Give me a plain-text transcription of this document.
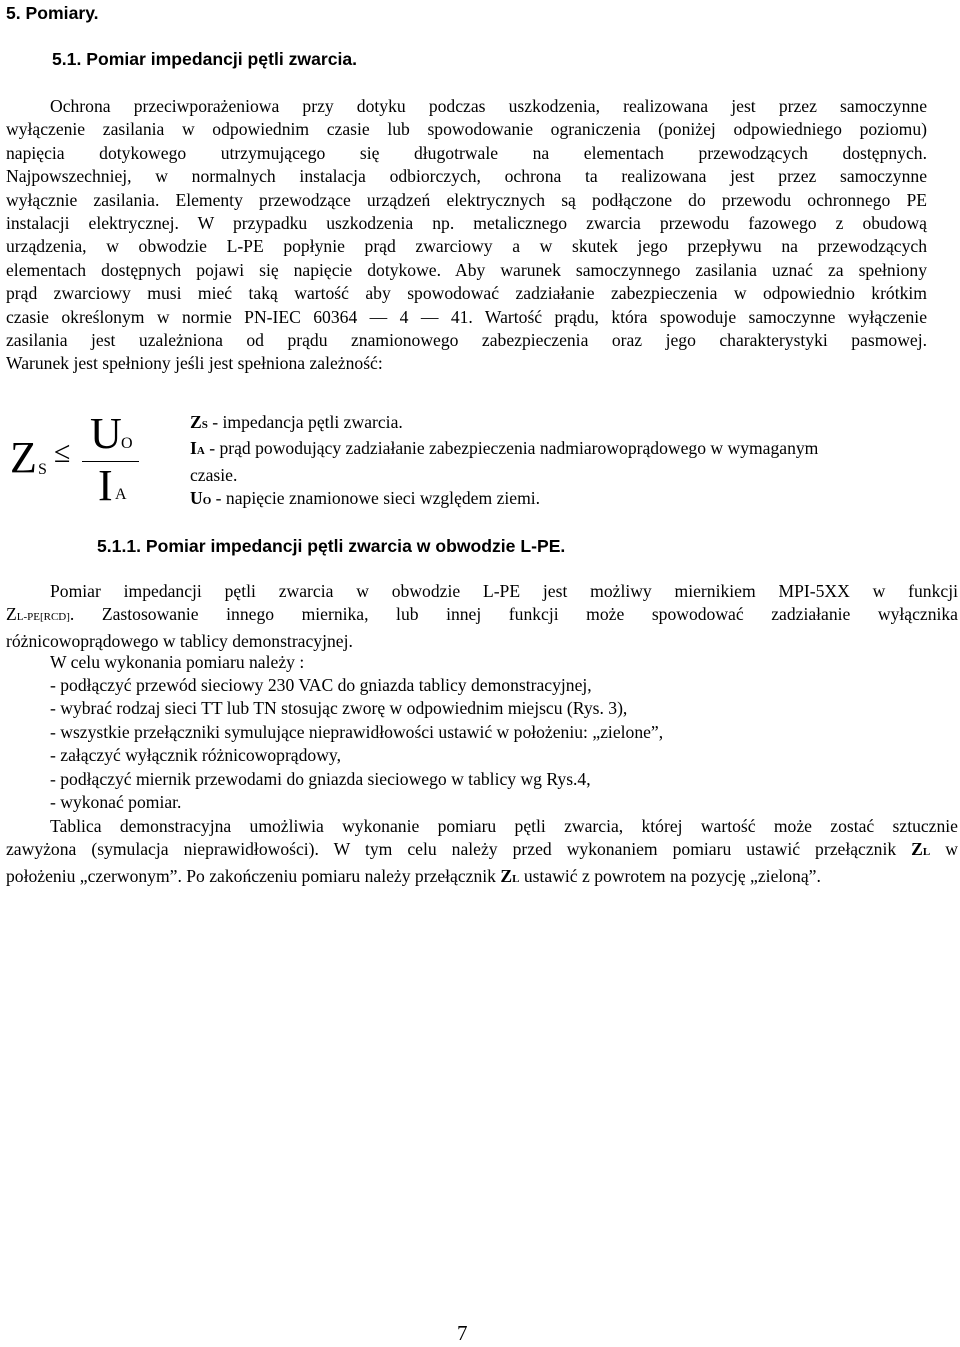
5. Pomiary.
5.1. Pomiar impedancji pętli zwarcia.
Ochrona przeciwporażeniowa przy dotyku podczas uszkodzenia, realizowana jest przez samoczynne
wyłączenie zasilania w odpowiednim czasie lub spowodowanie ograniczenia (poniżej odpowiedniego poziomu)
napięcia dotykowego utrzymującego się długotrwale na elementach przewodzących dostępnych.
Najpowszechniej, w normalnych instalacja odbiorczych, ochrona ta realizowana jest przez samoczynne
wyłącznie zasilania. Elementy przewodzące urządzeń elektrycznych są podłączone do przewodu ochronnego PE
instalacji elektrycznej. W przypadku uszkodzenia np. metalicznego zwarcia przewodu fazowego z obudową
urządzenia, w obwodzie L-PE popłynie prąd zwarciowy a w skutek jego przepływu na przewodzących
elementach dostępnych pojawi się napięcie dotykowe. Aby warunek samoczynnego zasilania uznać za spełniony
prąd zwarciowy musi mieć taką wartość aby spowodować zadziałanie zabezpieczenia w odpowiednio krótkim
czasie określonym w normie PN-IEC 60364 — 4 — 41. Wartość prądu, która spowoduje samoczynne wyłączenie
zasilania jest uzależniona od prądu znamionowego zabezpieczenia oraz jego charakterystyki pasmowej.
Warunek jest spełniony jeśli jest spełniona zależność:
Z S
≤ U O
I A
ZS - impedancja pętli zwarcia.
IA - prąd powodujący zadziałanie zabezpieczenia nadmiarowoprądowego w wymaganym
czasie.
UO - napięcie znamionowe sieci względem ziemi.
5.1.1. Pomiar impedancji pętli zwarcia w obwodzie L-PE.
Pomiar impedancji pętli zwarcia w obwodzie L-PE jest możliwy miernikiem MPI-5XX w funkcji
ZL-PE[RCD]. Zastosowanie innego miernika, lub innej funkcji może spowodować zadziałanie wyłącznika
różnicowoprądowego w tablicy demonstracyjnej.
W celu wykonania pomiaru należy :
- podłączyć przewód sieciowy 230 VAC do gniazda tablicy demonstracyjnej,
- wybrać rodzaj sieci TT lub TN stosując zworę w odpowiednim miejscu (Rys. 3),
- wszystkie przełączniki symulujące nieprawidłowości ustawić w położeniu: „zielone”,
- załączyć wyłącznik różnicowoprądowy,
- podłączyć miernik przewodami do gniazda sieciowego w tablicy wg Rys.4,
- wykonać pomiar.
Tablica demonstracyjna umożliwia wykonanie pomiaru pętli zwarcia, której wartość może zostać sztucznie
zawyżona (symulacja nieprawidłowości). W tym celu należy przed wykonaniem pomiaru ustawić przełącznik ZL w
położeniu „czerwonym”. Po zakończeniu pomiaru należy przełącznik ZL ustawić z powrotem na pozycję „zieloną”.
7
